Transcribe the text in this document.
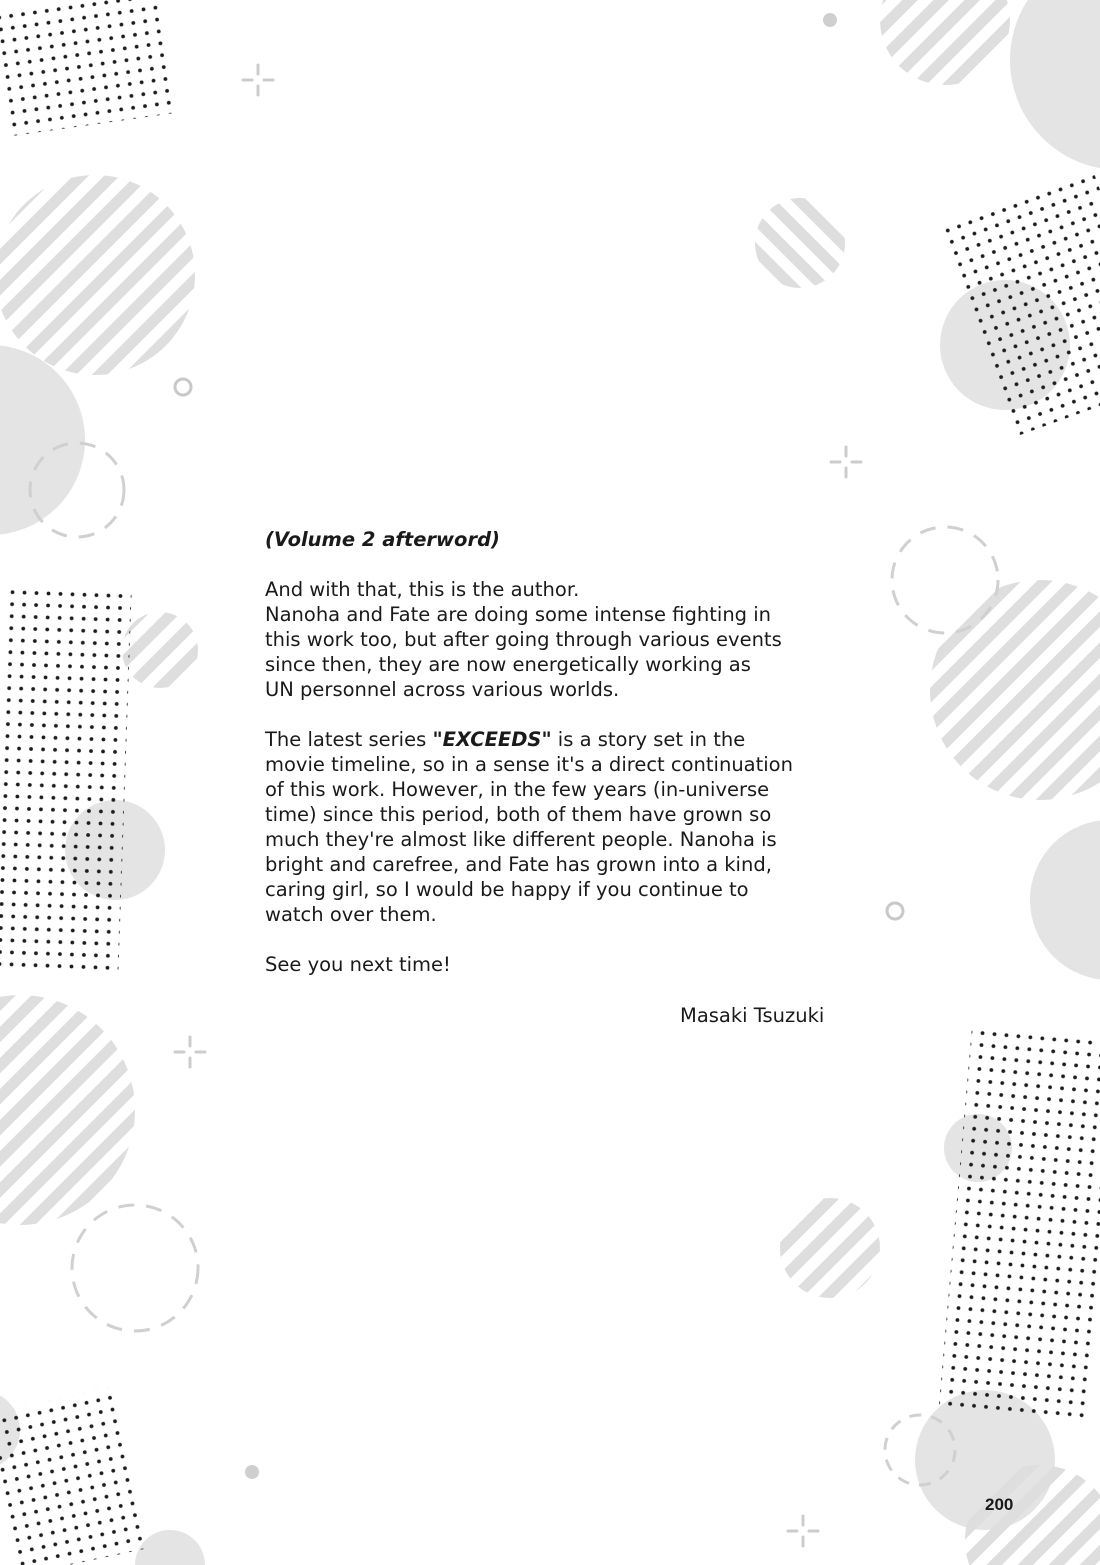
(Volume 2 afterword)
And with that, this is the author.
Nanoha and Fate are doing some intense fighting in
this work too, but after going through various events
since then, they are now energetically working as
UN personnel across various worlds.
The latest series "EXCEEDS" is a story set in the
movie timeline, so in a sense it's a direct continuation
of this work. However, in the few years (in-universe
time) since this period, both of them have grown so
much they're almost like different people. Nanoha is
bright and carefree, and Fate has grown into a kind,
caring girl, so I would be happy if you continue to
watch over them.
See you next time!
Masaki Tsuzuki
200
